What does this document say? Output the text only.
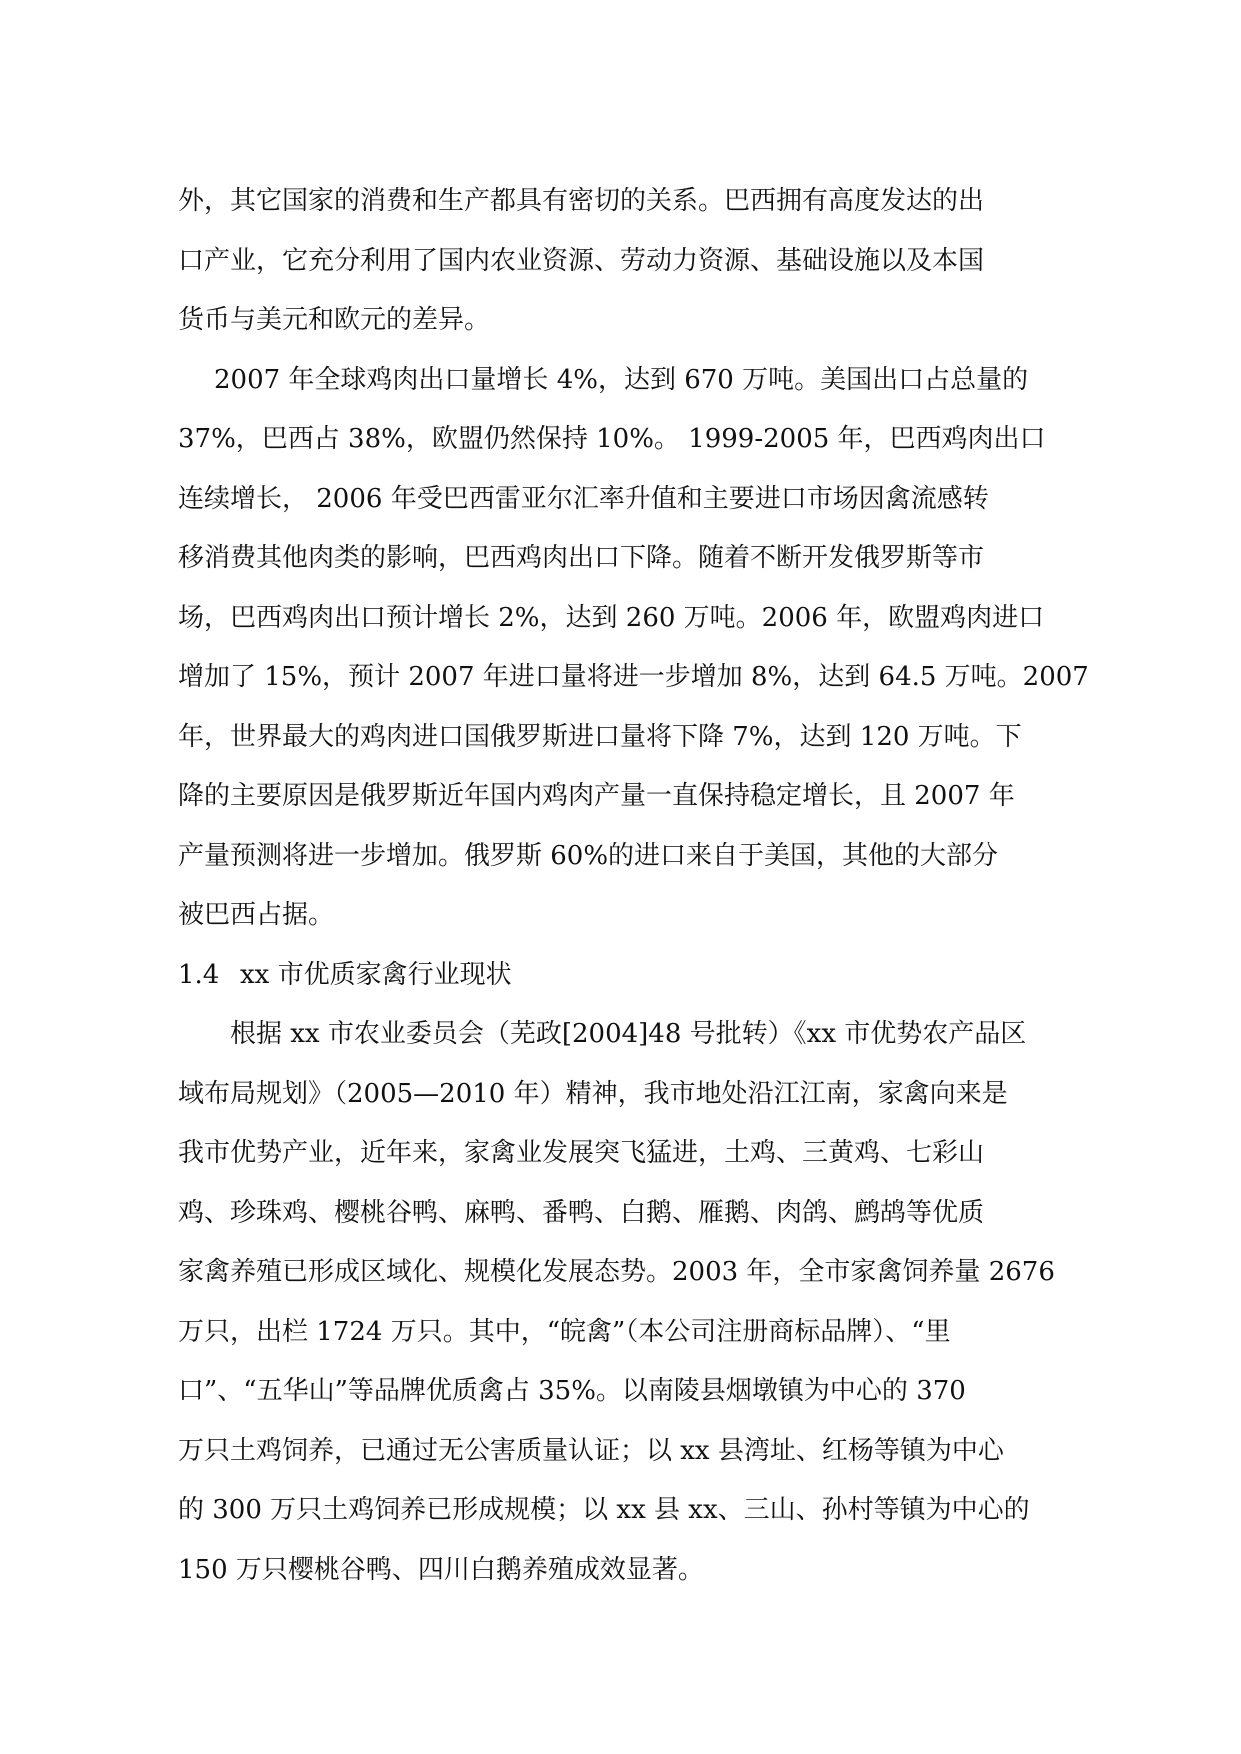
外，其它国家的消费和生产都具有密切的关系。巴西拥有高度发达的出
口产业，它充分利用了国内农业资源、劳动力资源、基础设施以及本国
货币与美元和欧元的差异。

2007 年全球鸡肉出口量增长 4%，达到 670 万吨。美国出口占总量的
37%，巴西占 38%，欧盟仍然保持 10%。 1999-2005 年，巴西鸡肉出口
连续增长， 2006 年受巴西雷亚尔汇率升值和主要进口市场因禽流感转
移消费其他肉类的影响，巴西鸡肉出口下降。随着不断开发俄罗斯等市
场，巴西鸡肉出口预计增长 2%，达到 260 万吨。2006 年，欧盟鸡肉进口
增加了 15%，预计 2007 年进口量将进一步增加 8%，达到 64.5 万吨。2007
年，世界最大的鸡肉进口国俄罗斯进口量将下降 7%，达到 120 万吨。下
降的主要原因是俄罗斯近年国内鸡肉产量一直保持稳定增长，且 2007 年
产量预测将进一步增加。俄罗斯 60%的进口来自于美国，其他的大部分
被巴西占据。

1.4 xx 市优质家禽行业现状

根据 xx 市农业委员会（芜政[2004]48 号批转）《xx 市优势农产品区
域布局规划》（2005—2010 年）精神，我市地处沿江江南，家禽向来是
我市优势产业，近年来，家禽业发展突飞猛进，土鸡、三黄鸡、七彩山
鸡、珍珠鸡、樱桃谷鸭、麻鸭、番鸭、白鹅、雁鹅、肉鸽、鹧鸪等优质
家禽养殖已形成区域化、规模化发展态势。2003 年，全市家禽饲养量 2676
万只，出栏 1724 万只。其中，“皖禽”（本公司注册商标品牌）、“里
口”、“五华山”等品牌优质禽占 35%。以南陵县烟墩镇为中心的 370
万只土鸡饲养，已通过无公害质量认证；以 xx 县湾址、红杨等镇为中心
的 300 万只土鸡饲养已形成规模；以 xx 县 xx、三山、孙村等镇为中心的
150 万只樱桃谷鸭、四川白鹅养殖成效显著。
